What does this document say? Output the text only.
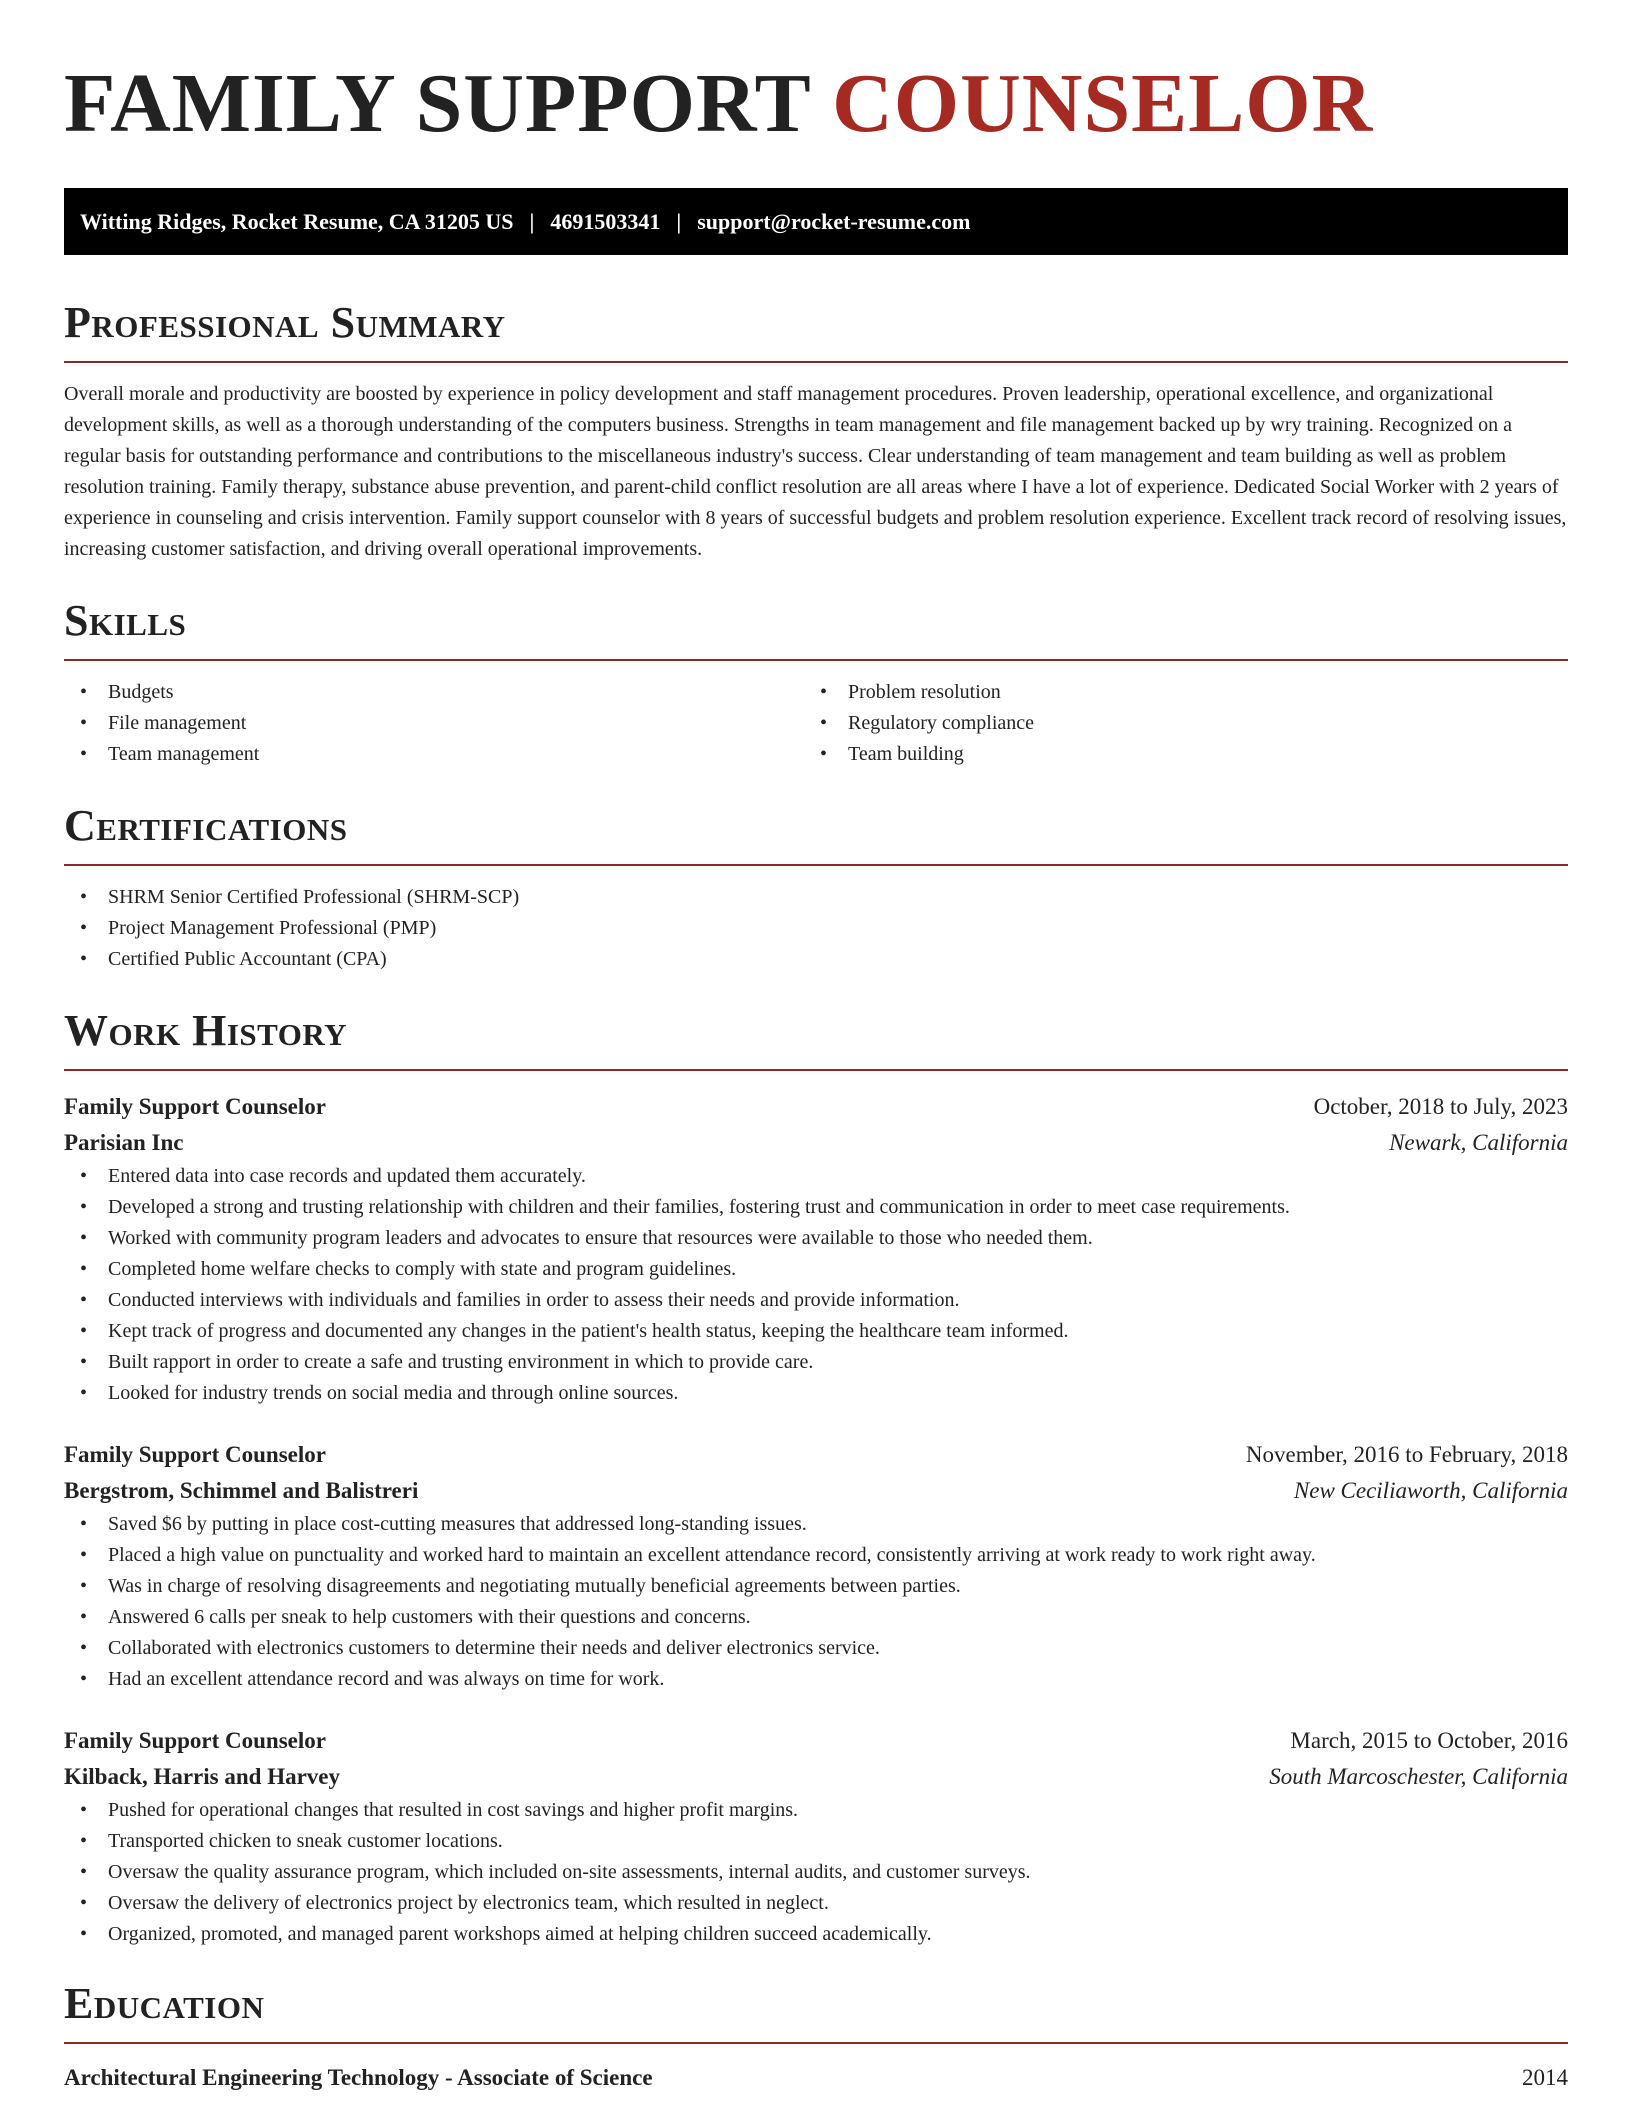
FAMILY SUPPORT COUNSELOR
Witting Ridges, Rocket Resume, CA 31205 US | 4691503341 | support@rocket-resume.com
Professional Summary

Overall morale and productivity are boosted by experience in policy development and staff management procedures. Proven leadership, operational excellence, and organizational development skills, as well as a thorough understanding of the computers business. Strengths in team management and file management backed up by wry training. Recognized on a regular basis for outstanding performance and contributions to the miscellaneous industry's success. Clear understanding of team management and team building as well as problem resolution training. Family therapy, substance abuse prevention, and parent-child conflict resolution are all areas where I have a lot of experience. Dedicated Social Worker with 2 years of experience in counseling and crisis intervention. Family support counselor with 8 years of successful budgets and problem resolution experience. Excellent track record of resolving issues, increasing customer satisfaction, and driving overall operational improvements.

Skills
• Budgets
• File management
• Team management
• Problem resolution
• Regulatory compliance
• Team building
Certifications
• SHRM Senior Certified Professional (SHRM-SCP)
• Project Management Professional (PMP)
• Certified Public Accountant (CPA)
Work History
Family Support Counselor	October, 2018 to July, 2023
Parisian Inc	Newark, California
• Entered data into case records and updated them accurately.
• Developed a strong and trusting relationship with children and their families, fostering trust and communication in order to meet case requirements.
• Worked with community program leaders and advocates to ensure that resources were available to those who needed them.
• Completed home welfare checks to comply with state and program guidelines.
• Conducted interviews with individuals and families in order to assess their needs and provide information.
• Kept track of progress and documented any changes in the patient's health status, keeping the healthcare team informed.
• Built rapport in order to create a safe and trusting environment in which to provide care.
• Looked for industry trends on social media and through online sources.
Family Support Counselor	November, 2016 to February, 2018
Bergstrom, Schimmel and Balistreri	New Ceciliaworth, California
• Saved $6 by putting in place cost-cutting measures that addressed long-standing issues.
• Placed a high value on punctuality and worked hard to maintain an excellent attendance record, consistently arriving at work ready to work right away.
• Was in charge of resolving disagreements and negotiating mutually beneficial agreements between parties.
• Answered 6 calls per sneak to help customers with their questions and concerns.
• Collaborated with electronics customers to determine their needs and deliver electronics service.
• Had an excellent attendance record and was always on time for work.
Family Support Counselor	March, 2015 to October, 2016
Kilback, Harris and Harvey	South Marcoschester, California
• Pushed for operational changes that resulted in cost savings and higher profit margins.
• Transported chicken to sneak customer locations.
• Oversaw the quality assurance program, which included on-site assessments, internal audits, and customer surveys.
• Oversaw the delivery of electronics project by electronics team, which resulted in neglect.
• Organized, promoted, and managed parent workshops aimed at helping children succeed academically.
Education
Architectural Engineering Technology - Associate of Science	2014
